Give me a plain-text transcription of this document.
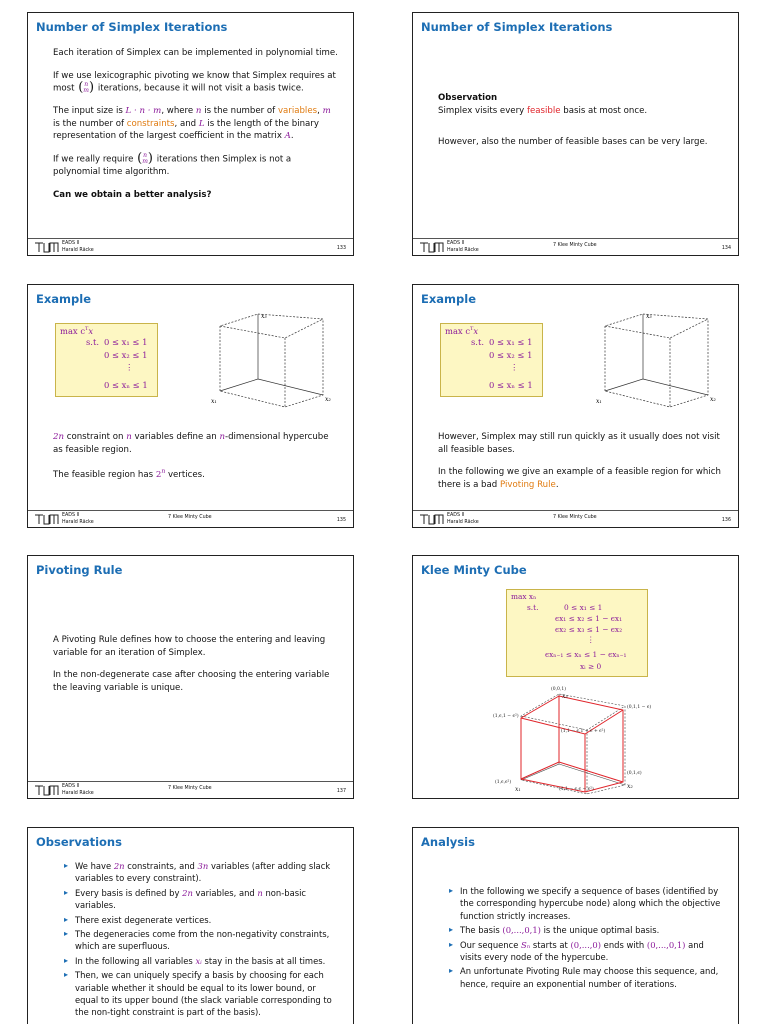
Number of Simplex Iterations

Each iteration of Simplex can be implemented in polynomial time.

If we use lexicographic pivoting we know that Simplex requires at most (n
m) iterations, because it will not visit a basis twice.

The input size is L · n · m, where n is the number of variables, m is the number of constraints, and L is the length of the binary representation of the largest coefficient in the matrix A.

If we really require (n
m) iterations then Simplex is not a polynomial time algorithm.

Can we obtain a better analysis?

EADS II
Harald Räcke	133
Number of Simplex Iterations
Observation

Simplex visits every feasible basis at most once.

However, also the number of feasible bases can be very large.

EADS II
Harald Räcke
7 Klee Minty Cube
134
Example
$\max c^Tx$
s.t. 0 ≤ x₁ ≤ 1
0 ≤ x₂ ≤ 1
⋮
0 ≤ xₙ ≤ 1
x₁	x₂
x₃

2n constraint on n variables define an n-dimensional hypercube as feasible region.

The feasible region has 2$^n$ vertices.

EADS II
Harald Räcke
7 Klee Minty Cube
135
Example
$\max c^Tx$
s.t. 0 ≤ x₁ ≤ 1
0 ≤ x₂ ≤ 1
⋮
0 ≤ xₙ ≤ 1
x₁	x₂
x₃

However, Simplex may still run quickly as it usually does not visit all feasible bases.

In the following we give an example of a feasible region for which there is a bad Pivoting Rule.

EADS II
Harald Räcke
7 Klee Minty Cube
136
Pivoting Rule

A Pivoting Rule defines how to choose the entering and leaving variable for an iteration of Simplex.

In the non-degenerate case after choosing the entering variable the leaving variable is unique.

EADS II
Harald Räcke
7 Klee Minty Cube
137
Klee Minty Cube
max xₙ
s.t.	0 ≤ x₁ ≤ 1
ϵx₁ ≤ x₂ ≤ 1 − ϵx₁
ϵx₂ ≤ x₃ ≤ 1 − ϵx₂
⋮
ϵxₙ₋₁ ≤ xₙ ≤ 1 − ϵxₙ₋₁
xᵢ ≥ 0
(0,0,1)
(0,1,1 − ϵ)
(1,ϵ,1 − ϵ²)
(1,1 − ϵ,1 − ϵ + ϵ²)
(0,1,ϵ)
(1,ϵ,ϵ²)
(1,1 − ϵ,ϵ − ϵ²)
x₁	x₂
x₃
Observations
▸ We have 2n constraints, and 3n variables (after adding slack variables to every constraint).
▸ Every basis is defined by 2n variables, and n non-basic variables.
▸ There exist degenerate vertices.
▸ The degeneracies come from the non-negativity constraints, which are superfluous.
▸ In the following all variables xᵢ stay in the basis at all times.
▸ Then, we can uniquely specify a basis by choosing for each variable whether it should be equal to its lower bound, or equal to its upper bound (the slack variable corresponding to the non-tight constraint is part of the basis).
Analysis
▸ In the following we specify a sequence of bases (identified by the corresponding hypercube node) along which the objective function strictly increases.
▸ The basis (0,...,0,1) is the unique optimal basis.
▸ Our sequence Sₙ starts at (0,...,0) ends with (0,...,0,1) and visits every node of the hypercube.
▸ An unfortunate Pivoting Rule may choose this sequence, and, hence, require an exponential number of iterations.
